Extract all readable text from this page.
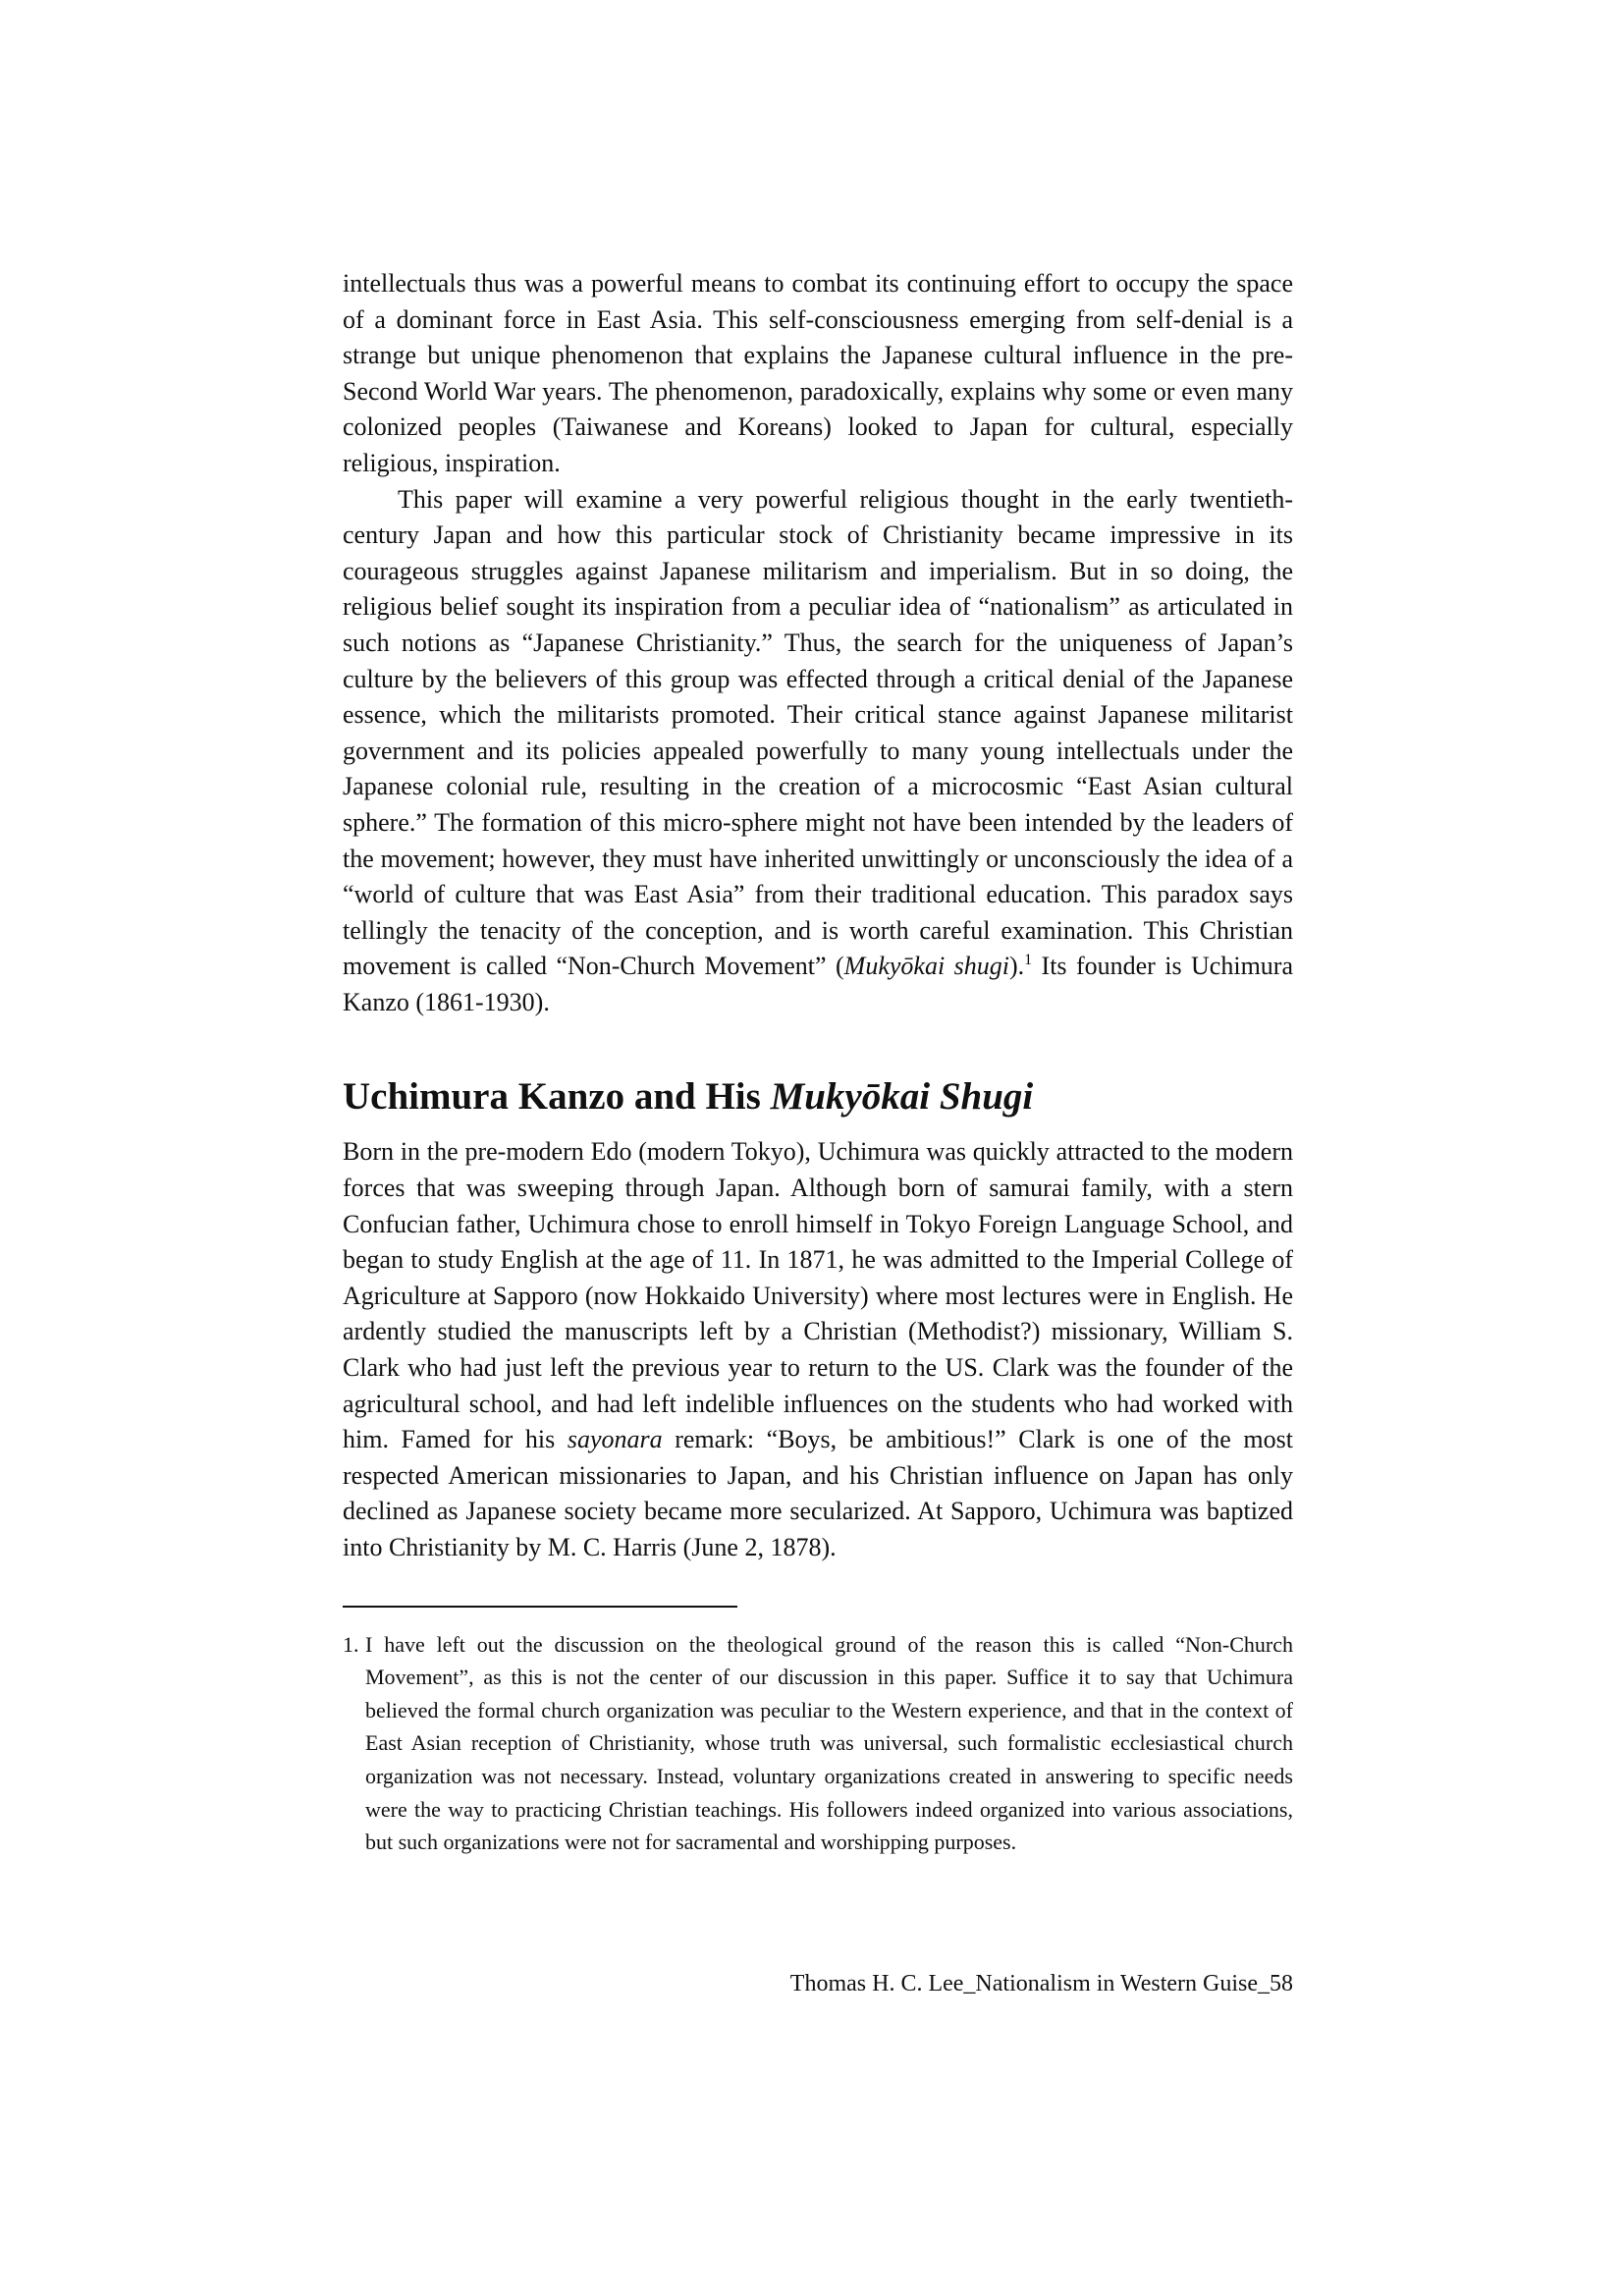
intellectuals thus was a powerful means to combat its continuing effort to occupy the space of a dominant force in East Asia. This self-consciousness emerging from self-denial is a strange but unique phenomenon that explains the Japanese cultural influence in the pre-Second World War years. The phenomenon, paradoxically, explains why some or even many colonized peoples (Taiwanese and Koreans) looked to Japan for cultural, especially religious, inspiration.

This paper will examine a very powerful religious thought in the early twentieth-century Japan and how this particular stock of Christianity became impressive in its courageous struggles against Japanese militarism and imperialism. But in so doing, the religious belief sought its inspiration from a peculiar idea of “nationalism” as articulated in such notions as “Japanese Christianity.” Thus, the search for the uniqueness of Japan’s culture by the believers of this group was effected through a critical denial of the Japanese essence, which the militarists promoted. Their critical stance against Japanese militarist government and its policies appealed powerfully to many young intellectuals under the Japanese colonial rule, resulting in the creation of a microcosmic “East Asian cultural sphere.” The formation of this micro-sphere might not have been intended by the leaders of the movement; however, they must have inherited unwittingly or unconsciously the idea of a “world of culture that was East Asia” from their traditional education. This paradox says tellingly the tenacity of the conception, and is worth careful examination. This Christian movement is called “Non-Church Movement” (Mukyōkai shugi).$^1$ Its founder is Uchimura Kanzo (1861-1930).

Uchimura Kanzo and His Mukyōkai Shugi

Born in the pre-modern Edo (modern Tokyo), Uchimura was quickly attracted to the modern forces that was sweeping through Japan. Although born of samurai family, with a stern Confucian father, Uchimura chose to enroll himself in Tokyo Foreign Language School, and began to study English at the age of 11. In 1871, he was admitted to the Imperial College of Agriculture at Sapporo (now Hokkaido University) where most lectures were in English. He ardently studied the manuscripts left by a Christian (Methodist?) missionary, William S. Clark who had just left the previous year to return to the US. Clark was the founder of the agricultural school, and had left indelible influences on the students who had worked with him. Famed for his sayonara remark: “Boys, be ambitious!” Clark is one of the most respected American missionaries to Japan, and his Christian influence on Japan has only declined as Japanese society became more secularized. At Sapporo, Uchimura was baptized into Christianity by M. C. Harris (June 2, 1878).

1. I have left out the discussion on the theological ground of the reason this is called “Non-Church Movement”, as this is not the center of our discussion in this paper. Suffice it to say that Uchimura believed the formal church organization was peculiar to the Western experience, and that in the context of East Asian reception of Christianity, whose truth was universal, such formalistic ecclesiastical church organization was not necessary. Instead, voluntary organizations created in answering to specific needs were the way to practicing Christian teachings. His followers indeed organized into various associations, but such organizations were not for sacramental and worshipping purposes.
Thomas H. C. Lee_Nationalism in Western Guise_58
